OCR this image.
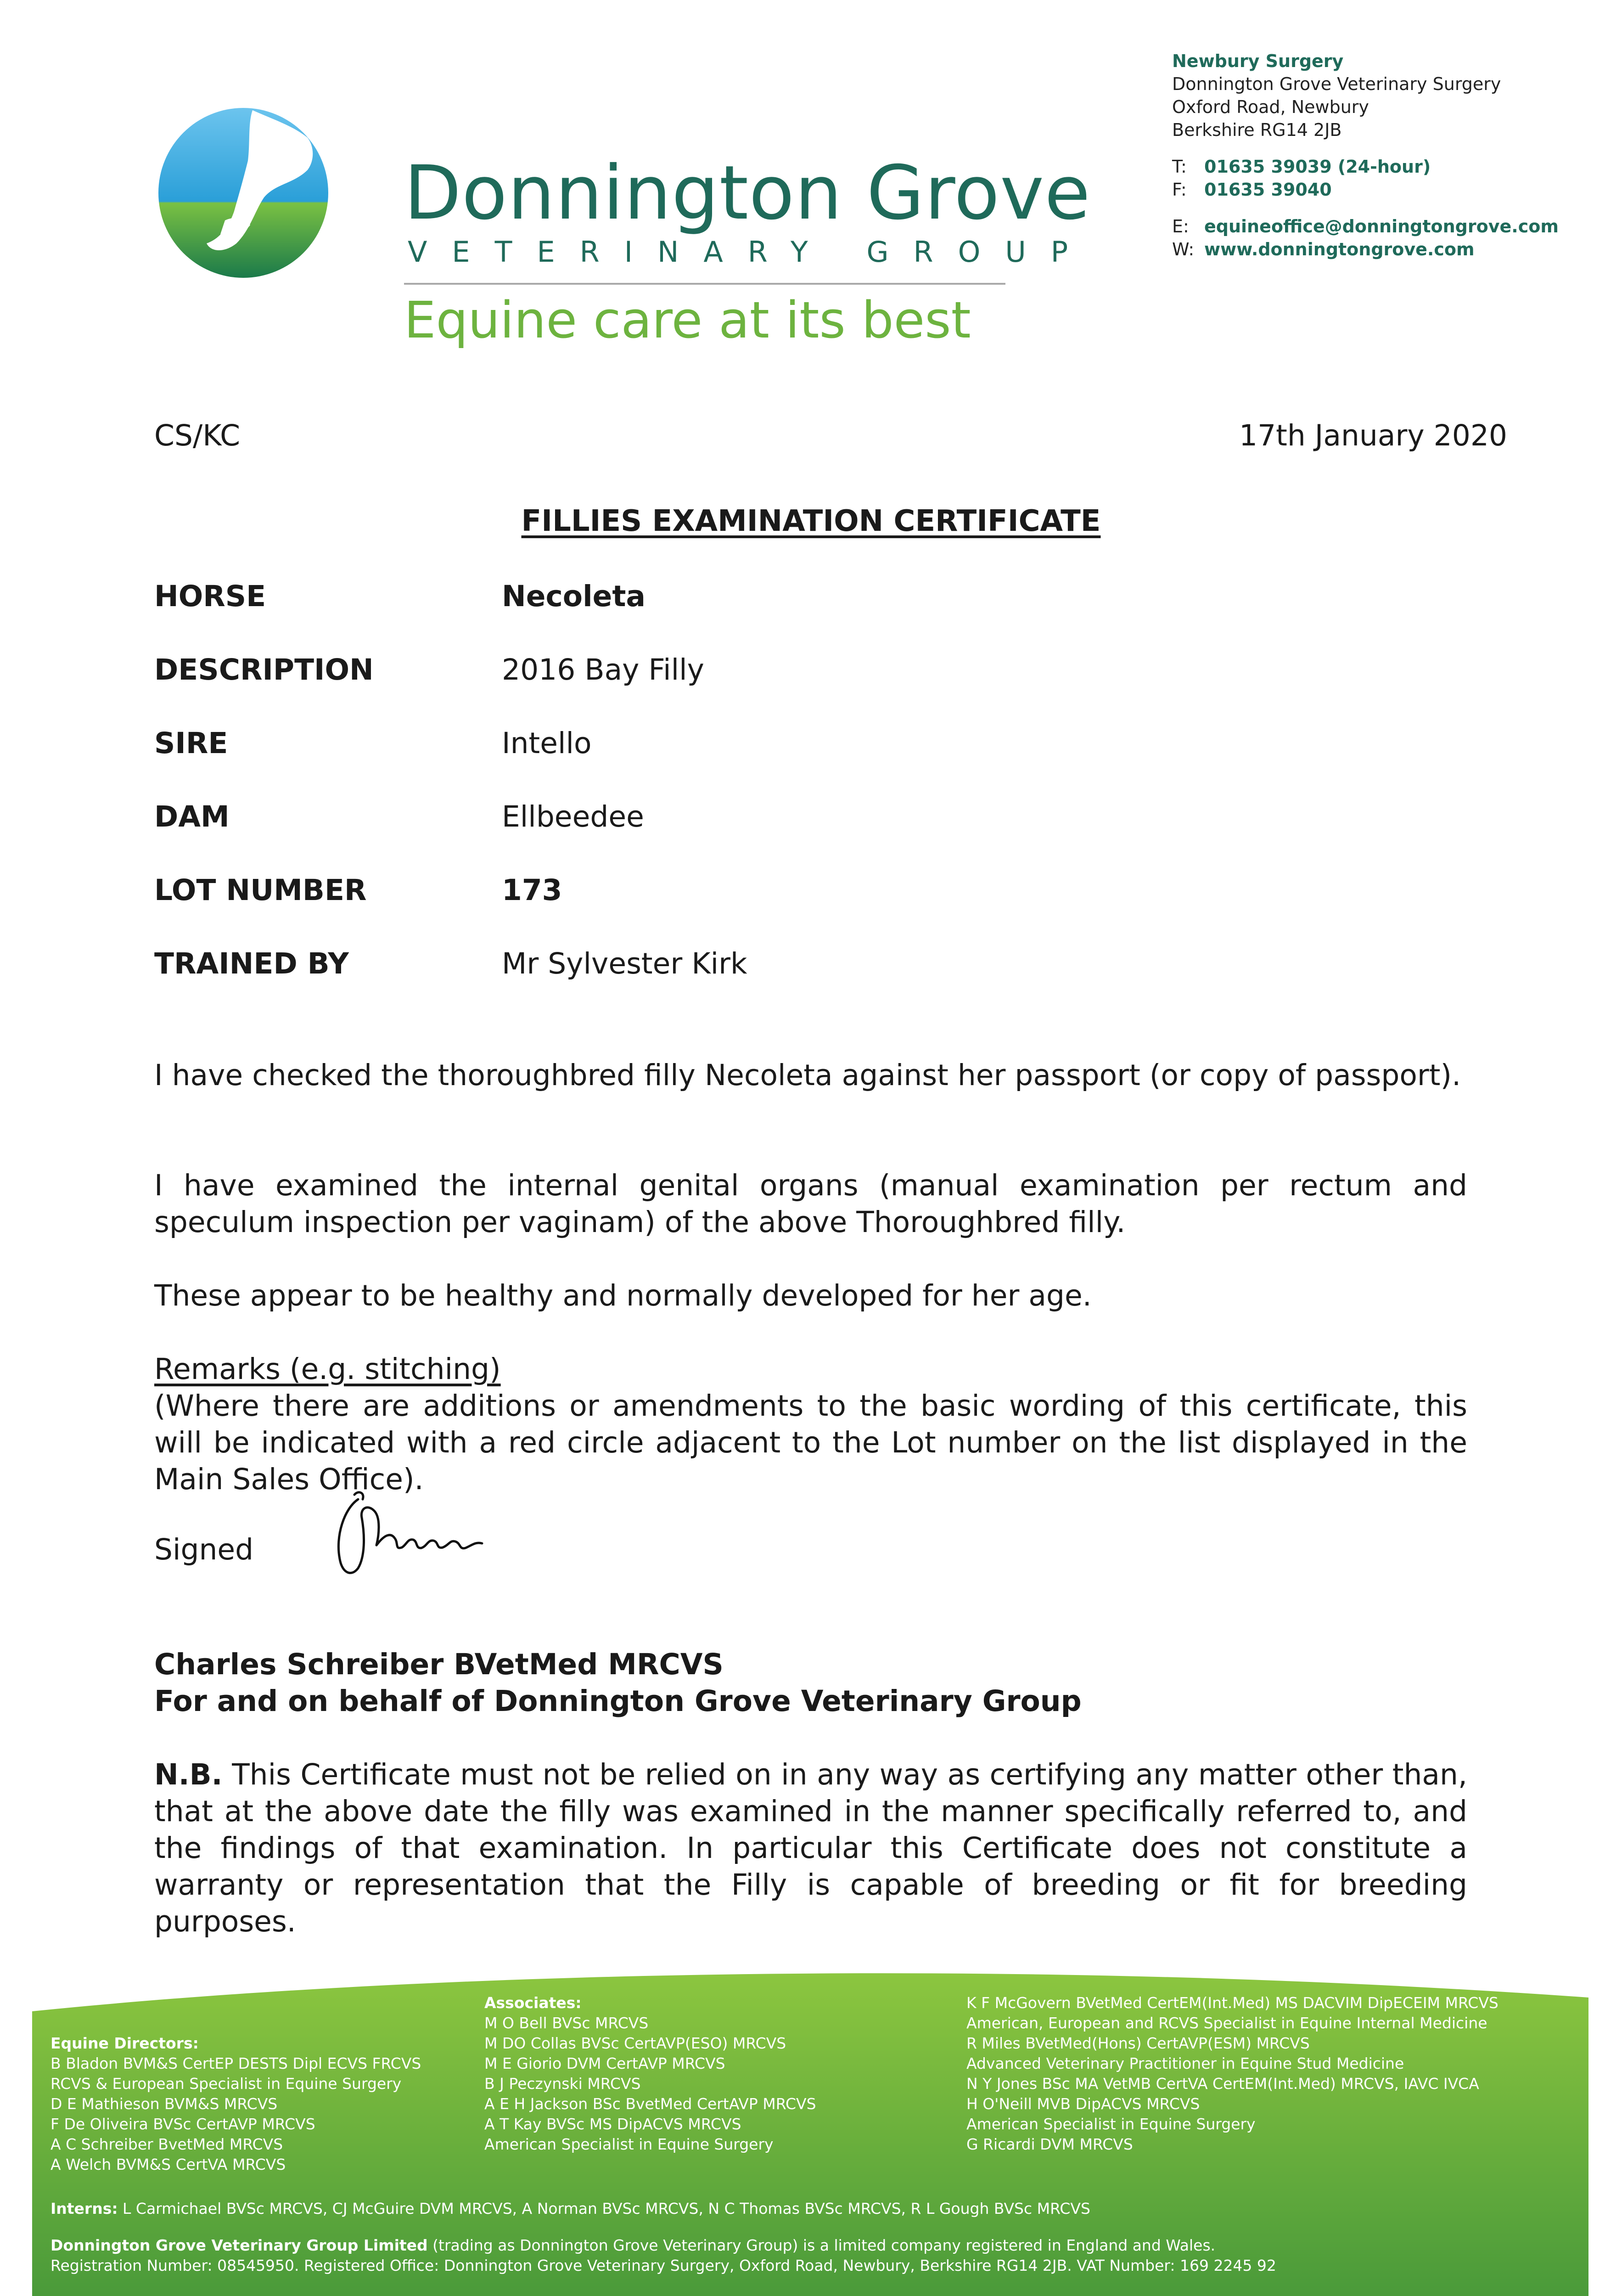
Donnington Grove
VETERINARY GROUP
Equine care at its best
Newbury Surgery
Donnington Grove Veterinary Surgery
Oxford Road, Newbury
Berkshire RG14 2JB
T: 01635 39039 (24-hour)
F: 01635 39040
E: equineoffice@donningtongrove.com
W: www.donningtongrove.com
CS/KC	17th January 2020
FILLIES EXAMINATION CERTIFICATE
HORSE	Necoleta
DESCRIPTION	2016 Bay Filly
SIRE	Intello
DAM	Ellbeedee
LOT NUMBER	173
TRAINED BY	Mr Sylvester Kirk
I have checked the thoroughbred filly Necoleta against her passport (or copy of passport).
I have examined the internal genital organs (manual examination per rectum and speculum inspection per vaginam) of the above Thoroughbred filly.
These appear to be healthy and normally developed for her age.
Remarks (e.g. stitching)
(Where there are additions or amendments to the basic wording of this certificate, this will be indicated with a red circle adjacent to the Lot number on the list displayed in the Main Sales Office).
Signed
Charles Schreiber BVetMed MRCVS
For and on behalf of Donnington Grove Veterinary Group
N.B. This Certificate must not be relied on in any way as certifying any matter other than, that at the above date the filly was examined in the manner specifically referred to, and the findings of that examination. In particular this Certificate does not constitute a warranty or representation that the Filly is capable of breeding or fit for breeding purposes.
Equine Directors:
B Bladon BVM&S CertEP DESTS Dipl ECVS FRCVS
RCVS & European Specialist in Equine Surgery
D E Mathieson BVM&S MRCVS
F De Oliveira BVSc CertAVP MRCVS
A C Schreiber BvetMed MRCVS
A Welch BVM&S CertVA MRCVS
Associates:
M O Bell BVSc MRCVS
M DO Collas BVSc CertAVP(ESO) MRCVS
M E Giorio DVM CertAVP MRCVS
B J Peczynski MRCVS
A E H Jackson BSc BvetMed CertAVP MRCVS
A T Kay BVSc MS DipACVS MRCVS
American Specialist in Equine Surgery
K F McGovern BVetMed CertEM(Int.Med) MS DACVIM DipECEIM MRCVS
American, European and RCVS Specialist in Equine Internal Medicine
R Miles BVetMed(Hons) CertAVP(ESM) MRCVS
Advanced Veterinary Practitioner in Equine Stud Medicine
N Y Jones BSc MA VetMB CertVA CertEM(Int.Med) MRCVS, IAVC IVCA
H O'Neill MVB DipACVS MRCVS
American Specialist in Equine Surgery
G Ricardi DVM MRCVS
Interns: L Carmichael BVSc MRCVS, CJ McGuire DVM MRCVS, A Norman BVSc MRCVS, N C Thomas BVSc MRCVS, R L Gough BVSc MRCVS
Donnington Grove Veterinary Group Limited (trading as Donnington Grove Veterinary Group) is a limited company registered in England and Wales.
Registration Number: 08545950. Registered Office: Donnington Grove Veterinary Surgery, Oxford Road, Newbury, Berkshire RG14 2JB. VAT Number: 169 2245 92
